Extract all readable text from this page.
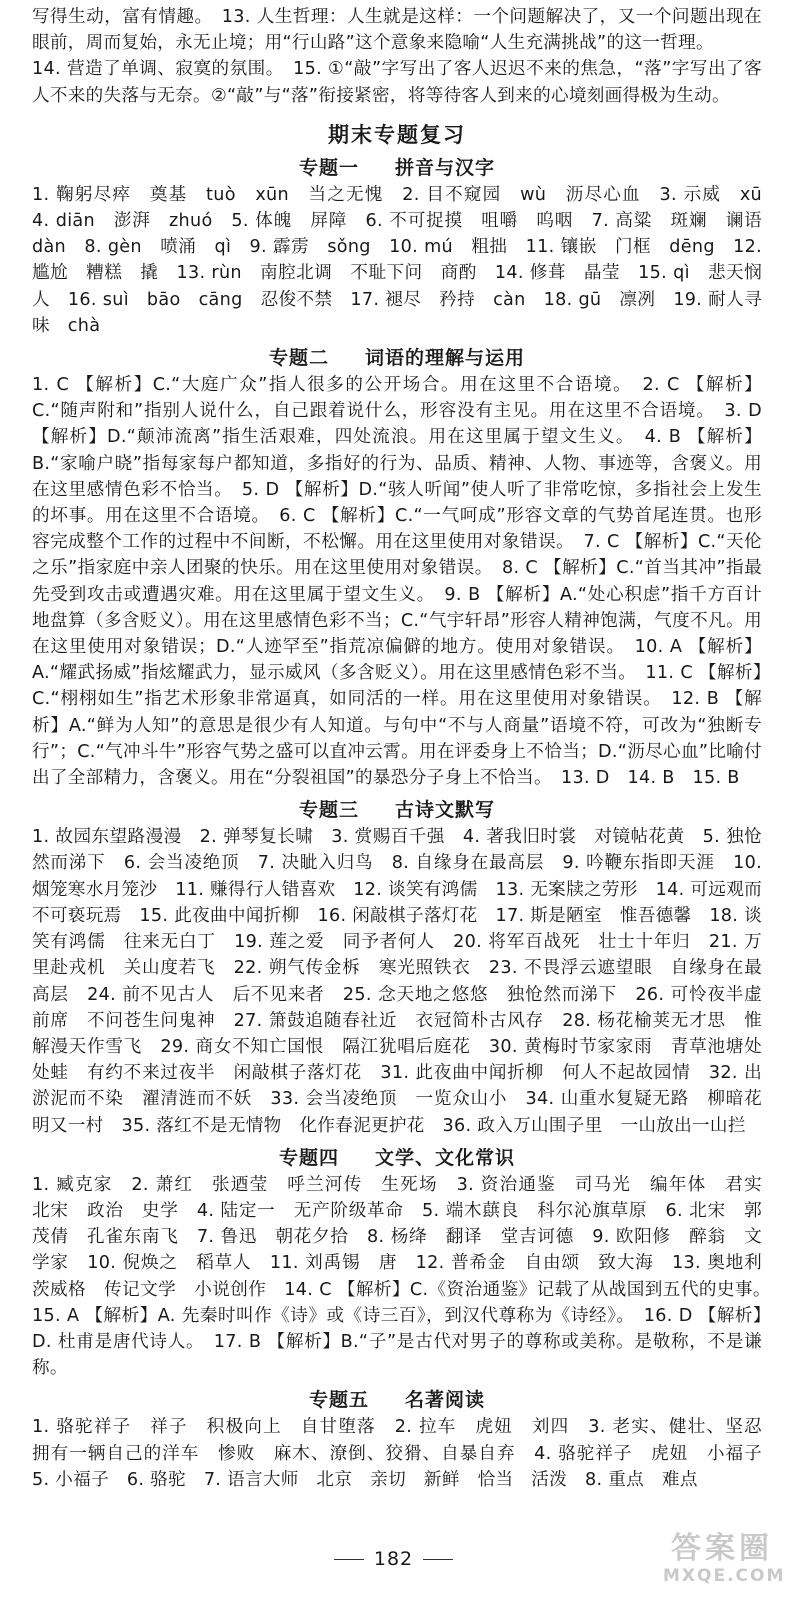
写得生动，富有情趣。　13. 人生哲理：人生就是这样：一个问题解决了，又一个问题出现在眼前，周而复始，永无止境；用“行山路”这个意象来隐喻“人生充满挑战”的这一哲理。

14. 营造了单调、寂寞的氛围。　15. ①“敲”字写出了客人迟迟不来的焦急，“落”字写出了客人不来的失落与无奈。②“敲”与“落”衔接紧密，将等待客人到来的心境刻画得极为生动。

期末专题复习
专题一 拼音与汉字

1. 鞠躬尽瘁　奠基　tuò　xūn　当之无愧　2. 目不窥园　wù　沥尽心血　3. 示威　xū　4. diān　澎湃　zhuó　5. 体魄　屏障　6. 不可捉摸　咀嚼　呜咽　7. 高粱　斑斓　谰语　dàn　8. gèn　喷涌　qì　9. 霹雳　sǒng　10. mú　粗拙　11. 镶嵌　门框　dēng　12. 尴尬　糟糕　撬　13. rùn　南腔北调　不耻下问　商酌　14. 修葺　晶莹　15. qì　悲天悯人　16. suì　bāo　cāng　忍俊不禁　17. 褪尽　矜持　càn　18. gū　凛冽　19. 耐人寻味　chà

专题二 词语的理解与运用

1. C 【解析】C.“大庭广众”指人很多的公开场合。用在这里不合语境。　2. C 【解析】C.“随声附和”指别人说什么，自己跟着说什么，形容没有主见。用在这里不合语境。　3. D 【解析】D.“颠沛流离”指生活艰难，四处流浪。用在这里属于望文生义。　4. B 【解析】B.“家喻户晓”指每家每户都知道，多指好的行为、品质、精神、人物、事迹等，含褒义。用在这里感情色彩不恰当。　5. D 【解析】D.“骇人听闻”使人听了非常吃惊，多指社会上发生的坏事。用在这里不合语境。　6. C 【解析】C.“一气呵成”形容文章的气势首尾连贯。也形容完成整个工作的过程中不间断，不松懈。用在这里使用对象错误。　7. C 【解析】C.“天伦之乐”指家庭中亲人团聚的快乐。用在这里使用对象错误。　8. C 【解析】C.“首当其冲”指最先受到攻击或遭遇灾难。用在这里属于望文生义。　9. B 【解析】A.“处心积虑”指千方百计地盘算（多含贬义）。用在这里感情色彩不当；C.“气宇轩昂”形容人精神饱满，气度不凡。用在这里使用对象错误；D.“人迹罕至”指荒凉偏僻的地方。使用对象错误。　10. A 【解析】A.“耀武扬威”指炫耀武力，显示威风（多含贬义）。用在这里感情色彩不当。　11. C 【解析】C.“栩栩如生”指艺术形象非常逼真，如同活的一样。用在这里使用对象错误。　12. B 【解析】A.“鲜为人知”的意思是很少有人知道。与句中“不与人商量”语境不符，可改为“独断专行”；C.“气冲斗牛”形容气势之盛可以直冲云霄。用在评委身上不恰当；D.“沥尽心血”比喻付出了全部精力，含褒义。用在“分裂祖国”的暴恐分子身上不恰当。　13. D　14. B　15. B

专题三 古诗文默写

1. 故园东望路漫漫　2. 弹琴复长啸　3. 赏赐百千强　4. 著我旧时裳　对镜帖花黄　5. 独怆然而涕下　6. 会当凌绝顶　7. 决眦入归鸟　8. 自缘身在最高层　9. 吟鞭东指即天涯　10. 烟笼寒水月笼沙　11. 赚得行人错喜欢　12. 谈笑有鸿儒　13. 无案牍之劳形　14. 可远观而不可亵玩焉　15. 此夜曲中闻折柳　16. 闲敲棋子落灯花　17. 斯是陋室　惟吾德馨　18. 谈笑有鸿儒　往来无白丁　19. 莲之爱　同予者何人　20. 将军百战死　壮士十年归　21. 万里赴戎机　关山度若飞　22. 朔气传金柝　寒光照铁衣　23. 不畏浮云遮望眼　自缘身在最高层　24. 前不见古人　后不见来者　25. 念天地之悠悠　独怆然而涕下　26. 可怜夜半虚前席　不问苍生问鬼神　27. 箫鼓追随春社近　衣冠简朴古风存　28. 杨花榆荚无才思　惟解漫天作雪飞　29. 商女不知亡国恨　隔江犹唱后庭花　30. 黄梅时节家家雨　青草池塘处处蛙　有约不来过夜半　闲敲棋子落灯花　31. 此夜曲中闻折柳　何人不起故园情　32. 出淤泥而不染　濯清涟而不妖　33. 会当凌绝顶　一览众山小　34. 山重水复疑无路　柳暗花明又一村　35. 落红不是无情物　化作春泥更护花　36. 政入万山围子里　一山放出一山拦

专题四 文学、文化常识

1. 臧克家　2. 萧红　张迺莹　呼兰河传　生死场　3. 资治通鉴　司马光　编年体　君实　北宋　政治　史学　4. 陆定一　无产阶级革命　5. 端木蕻良　科尔沁旗草原　6. 北宋　郭茂倩　孔雀东南飞　7. 鲁迅　朝花夕拾　8. 杨绛　翻译　堂吉诃德　9. 欧阳修　醉翁　文学家　10. 倪焕之　稻草人　11. 刘禹锡　唐　12. 普希金　自由颂　致大海　13. 奥地利　茨威格　传记文学　小说创作　14. C 【解析】C.《资治通鉴》记载了从战国到五代的史事。　15. A 【解析】A. 先秦时叫作《诗》或《诗三百》，到汉代尊称为《诗经》。　16. D 【解析】D. 杜甫是唐代诗人。　17. B 【解析】B.“子”是古代对男子的尊称或美称。是敬称，不是谦称。

专题五 名著阅读

1. 骆驼祥子　祥子　积极向上　自甘堕落　2. 拉车　虎妞　刘四　3. 老实、健壮、坚忍　拥有一辆自己的洋车　惨败　麻木、潦倒、狡猾、自暴自弃　4. 骆驼祥子　虎妞　小福子　5. 小福子　6. 骆驼　7. 语言大师　北京　亲切　新鲜　恰当　活泼　8. 重点　难点

182	答案圈
MXQE.COM
